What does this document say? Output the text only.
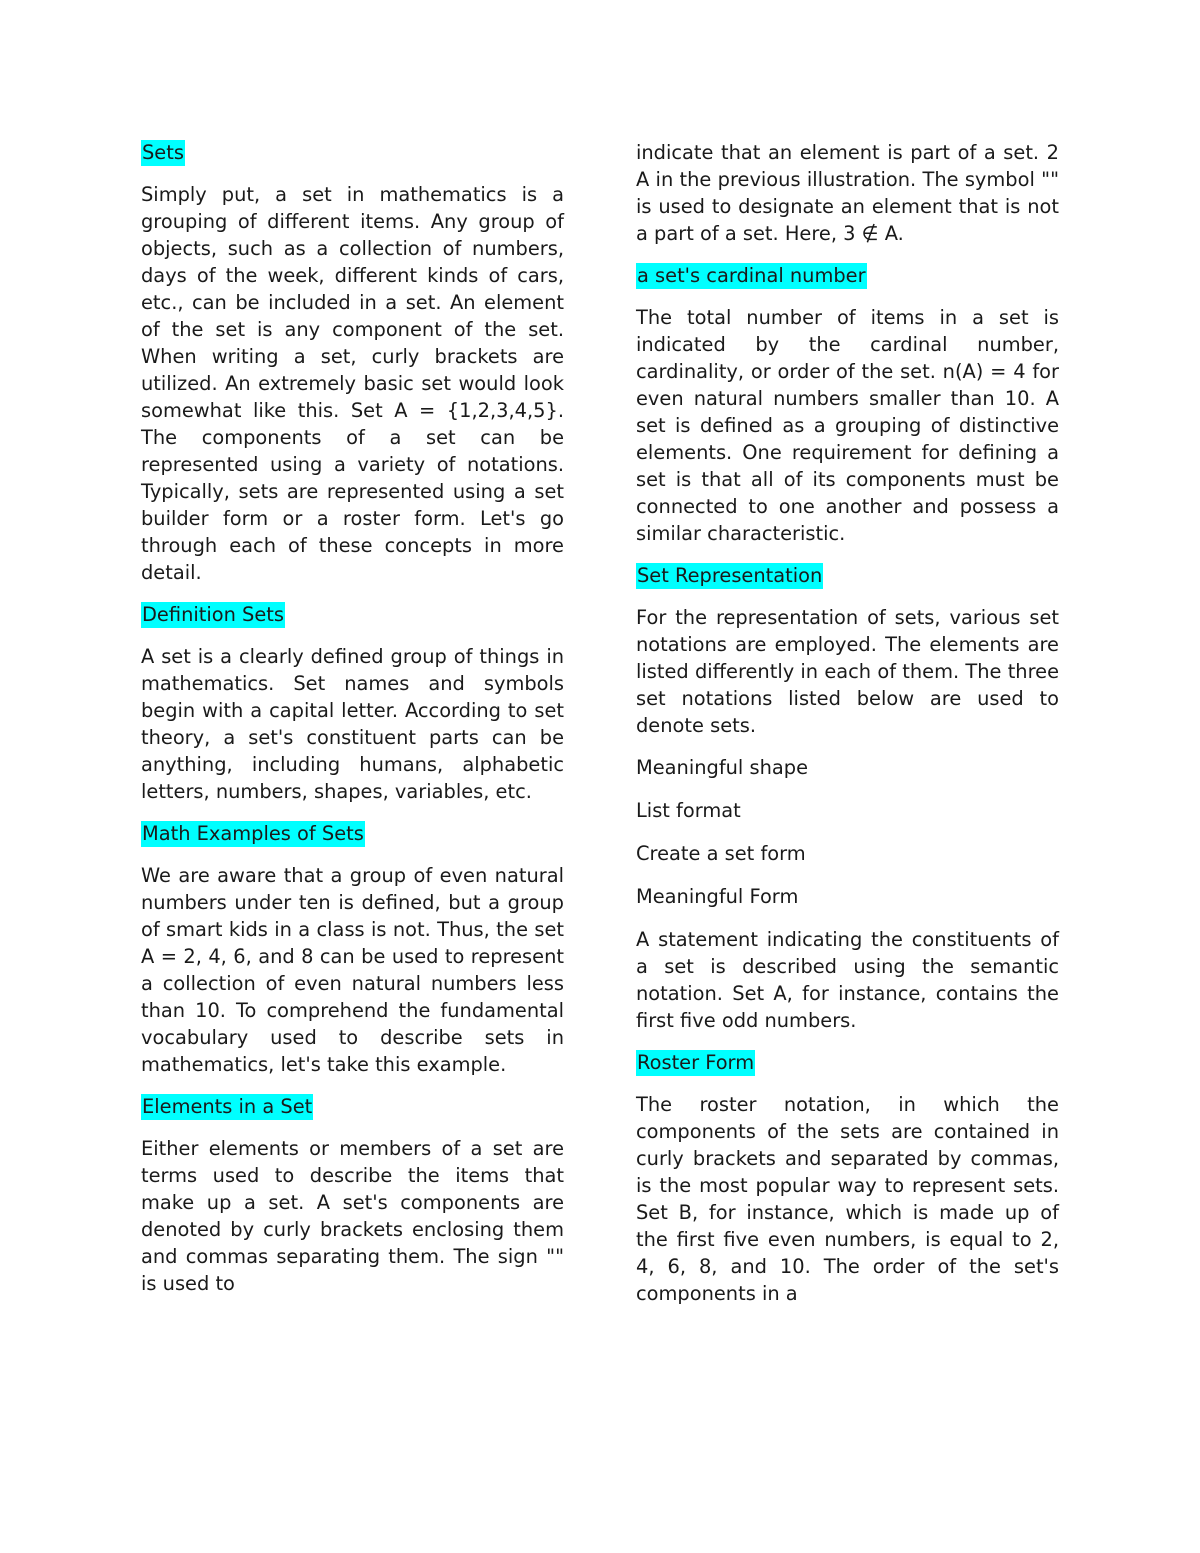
Sets

Simply put, a set in mathematics is a grouping of different items. Any group of objects, such as a collection of numbers, days of the week, different kinds of cars, etc., can be included in a set. An element of the set is any component of the set. When writing a set, curly brackets are utilized. An extremely basic set would look somewhat like this. Set A = {1,2,3,4,5}. The components of a set can be represented using a variety of notations. Typically, sets are represented using a set builder form or a roster form. Let's go through each of these concepts in more detail.

Definition Sets

A set is a clearly defined group of things in mathematics. Set names and symbols begin with a capital letter. According to set theory, a set's constituent parts can be anything, including humans, alphabetic letters, numbers, shapes, variables, etc.

Math Examples of Sets

We are aware that a group of even natural numbers under ten is defined, but a group of smart kids in a class is not. Thus, the set A = 2, 4, 6, and 8 can be used to represent a collection of even natural numbers less than 10. To comprehend the fundamental vocabulary used to describe sets in mathematics, let's take this example.

Elements in a Set

Either elements or members of a set are terms used to describe the items that make up a set. A set's components are denoted by curly brackets enclosing them and commas separating them. The sign "" is used to

indicate that an element is part of a set. 2 A in the previous illustration. The symbol "" is used to designate an element that is not a part of a set. Here, 3 ∉ A.

a set's cardinal number

The total number of items in a set is indicated by the cardinal number, cardinality, or order of the set. n(A) = 4 for even natural numbers smaller than 10. A set is defined as a grouping of distinctive elements. One requirement for defining a set is that all of its components must be connected to one another and possess a similar characteristic.

Set Representation

For the representation of sets, various set notations are employed. The elements are listed differently in each of them. The three set notations listed below are used to denote sets.

Meaningful shape

List format

Create a set form

Meaningful Form

A statement indicating the constituents of a set is described using the semantic notation. Set A, for instance, contains the first five odd numbers.

Roster Form

The roster notation, in which the components of the sets are contained in curly brackets and separated by commas, is the most popular way to represent sets. Set B, for instance, which is made up of the first five even numbers, is equal to 2, 4, 6, 8, and 10. The order of the set's components in a
